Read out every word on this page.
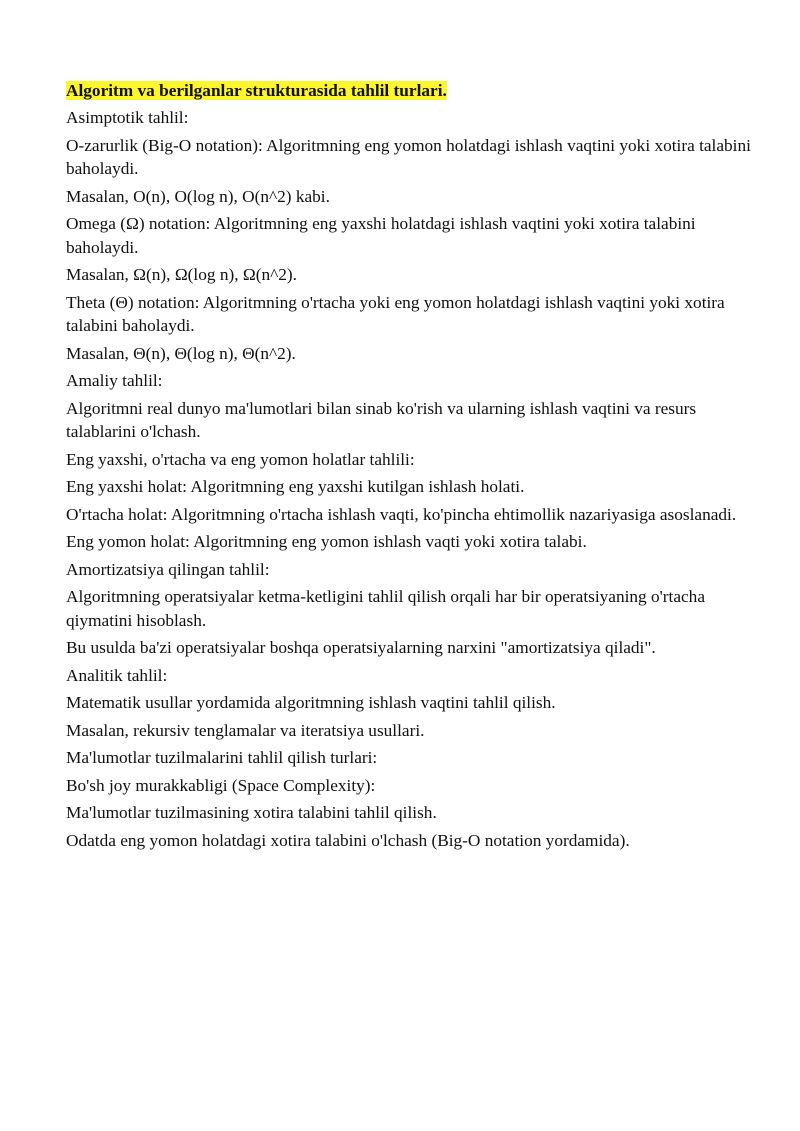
Algoritm va berilganlar strukturasida tahlil turlari.

Asimptotik tahlil:

O-zarurlik (Big-O notation): Algoritmning eng yomon holatdagi ishlash vaqtini yoki xotira talabini baholaydi.

Masalan, O(n), O(log n), O(n^2) kabi.

Omega (Ω) notation: Algoritmning eng yaxshi holatdagi ishlash vaqtini yoki xotira talabini baholaydi.

Masalan, Ω(n), Ω(log n), Ω(n^2).

Theta (Θ) notation: Algoritmning o'rtacha yoki eng yomon holatdagi ishlash vaqtini yoki xotira talabini baholaydi.

Masalan, Θ(n), Θ(log n), Θ(n^2).

Amaliy tahlil:

Algoritmni real dunyo ma'lumotlari bilan sinab ko'rish va ularning ishlash vaqtini va resurs talablarini o'lchash.

Eng yaxshi, o'rtacha va eng yomon holatlar tahlili:

Eng yaxshi holat: Algoritmning eng yaxshi kutilgan ishlash holati.

O'rtacha holat: Algoritmning o'rtacha ishlash vaqti, ko'pincha ehtimollik nazariyasiga asoslanadi.

Eng yomon holat: Algoritmning eng yomon ishlash vaqti yoki xotira talabi.

Amortizatsiya qilingan tahlil:

Algoritmning operatsiyalar ketma-ketligini tahlil qilish orqali har bir operatsiyaning o'rtacha qiymatini hisoblash.

Bu usulda ba'zi operatsiyalar boshqa operatsiyalarning narxini "amortizatsiya qiladi".

Analitik tahlil:

Matematik usullar yordamida algoritmning ishlash vaqtini tahlil qilish.

Masalan, rekursiv tenglamalar va iteratsiya usullari.

Ma'lumotlar tuzilmalarini tahlil qilish turlari:

Bo'sh joy murakkabligi (Space Complexity):

Ma'lumotlar tuzilmasining xotira talabini tahlil qilish.

Odatda eng yomon holatdagi xotira talabini o'lchash (Big-O notation yordamida).
